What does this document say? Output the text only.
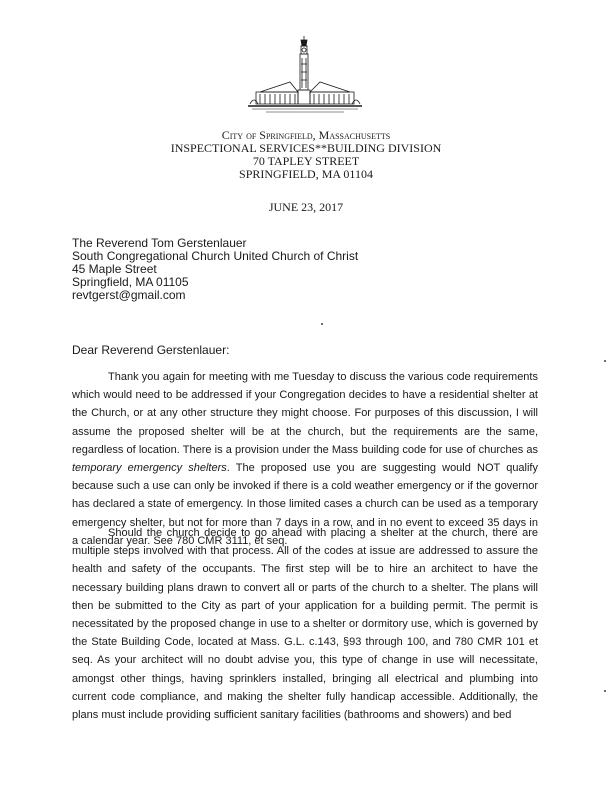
City of Springfield, Massachusetts
INSPECTIONAL SERVICES**BUILDING DIVISION
70 TAPLEY STREET
SPRINGFIELD, MA 01104
JUNE 23, 2017
The Reverend Tom Gerstenlauer
South Congregational Church United Church of Christ
45 Maple Street
Springfield, MA 01105
revtgerst@gmail.com
Dear Reverend Gerstenlauer:

Thank you again for meeting with me Tuesday to discuss the various code requirements which would need to be addressed if your Congregation decides to have a residential shelter at the Church, or at any other structure they might choose. For purposes of this discussion, I will assume the proposed shelter will be at the church, but the requirements are the same, regardless of location. There is a provision under the Mass building code for use of churches as temporary emergency shelters. The proposed use you are suggesting would NOT qualify because such a use can only be invoked if there is a cold weather emergency or if the governor has declared a state of emergency. In those limited cases a church can be used as a temporary emergency shelter, but not for more than 7 days in a row, and in no event to exceed 35 days in a calendar year. See 780 CMR 3111, et seq.

Should the church decide to go ahead with placing a shelter at the church, there are multiple steps involved with that process. All of the codes at issue are addressed to assure the health and safety of the occupants. The first step will be to hire an architect to have the necessary building plans drawn to convert all or parts of the church to a shelter. The plans will then be submitted to the City as part of your application for a building permit. The permit is necessitated by the proposed change in use to a shelter or dormitory use, which is governed by the State Building Code, located at Mass. G.L. c.143, §93 through 100, and 780 CMR 101 et seq. As your architect will no doubt advise you, this type of change in use will necessitate, amongst other things, having sprinklers installed, bringing all electrical and plumbing into current code compliance, and making the shelter fully handicap accessible. Additionally, the plans must include providing sufficient sanitary facilities (bathrooms and showers) and bed
